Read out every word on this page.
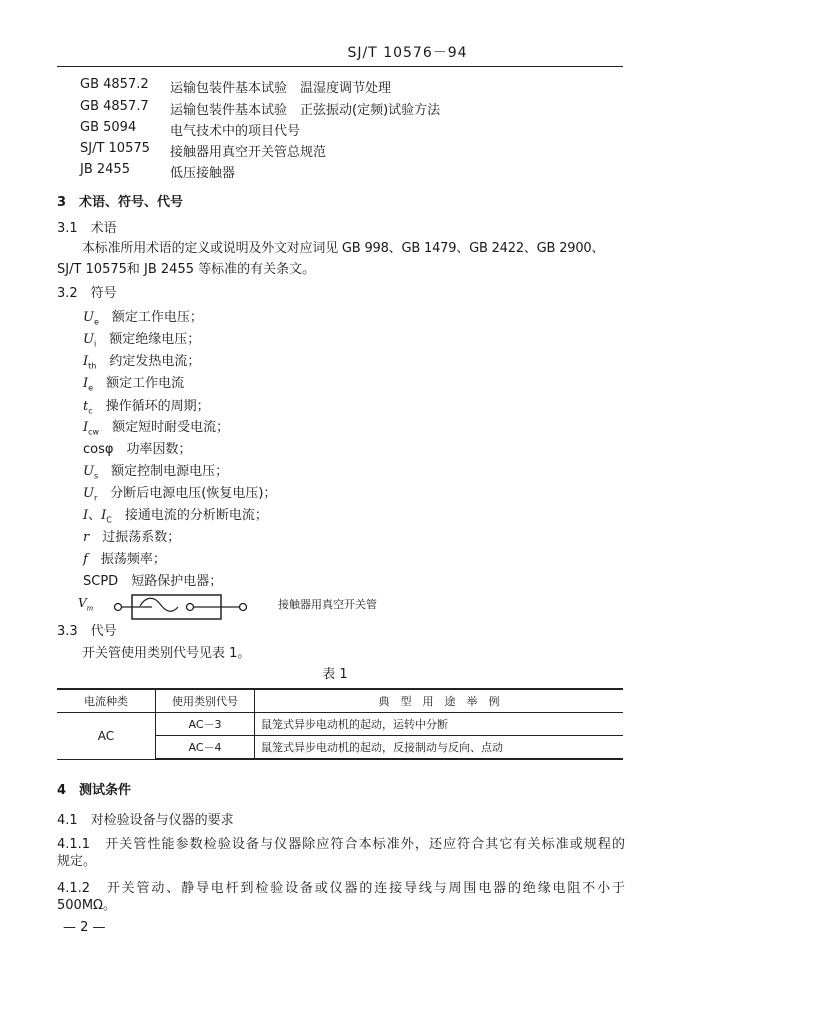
SJ/T 10576－94
GB 4857.2 运输包装件基本试验　温湿度调节处理
GB 4857.7 运输包装件基本试验　正弦振动(定频)试验方法
GB 5094	电气技术中的项目代号
SJ/T 10575 接触器用真空开关管总规范
JB 2455	低压接触器
3　术语、符号、代号
3.1　术语
本标准所用术语的定义或说明及外文对应词见 GB 998、GB 1479、GB 2422、GB 2900、
SJ/T 10575和 JB 2455 等标准的有关条文。
3.2　符号
$U_e$　 额定工作电压；
$U_i$　 额定绝缘电压；
$I_{th}$　 约定发热电流；
$I_e$　 额定工作电流
$t_c$　 操作循环的周期；
$I_{cw}$　 额定短时耐受电流；
cosφ　 功率因数；
$U_s$　 额定控制电源电压；
$U_r$　 分断后电源电压(恢复电压)；
I、$I_C$　 接通电流的分析断电流；
r　 过振荡系数；
f　 振荡频率；
SCPD　 短路保护电器；
$V_m$	接触器用真空开关管
3.3　代号
开关管使用类别代号见表 1。
表 1
电流种类	使用类别代号	典　型　用　途　举　例
AC	AC－3	鼠笼式异步电动机的起动，运转中分断
	AC－4	鼠笼式异步电动机的起动，反接制动与反向、点动
4　测试条件
4.1　对检验设备与仪器的要求
4.1.1　开关管性能参数检验设备与仪器除应符合本标准外，还应符合其它有关标准或规程的
规定。
4.1.2　开关管动、静导电杆到检验设备或仪器的连接导线与周围电器的绝缘电阻不小于
500MΩ。
— 2 —
